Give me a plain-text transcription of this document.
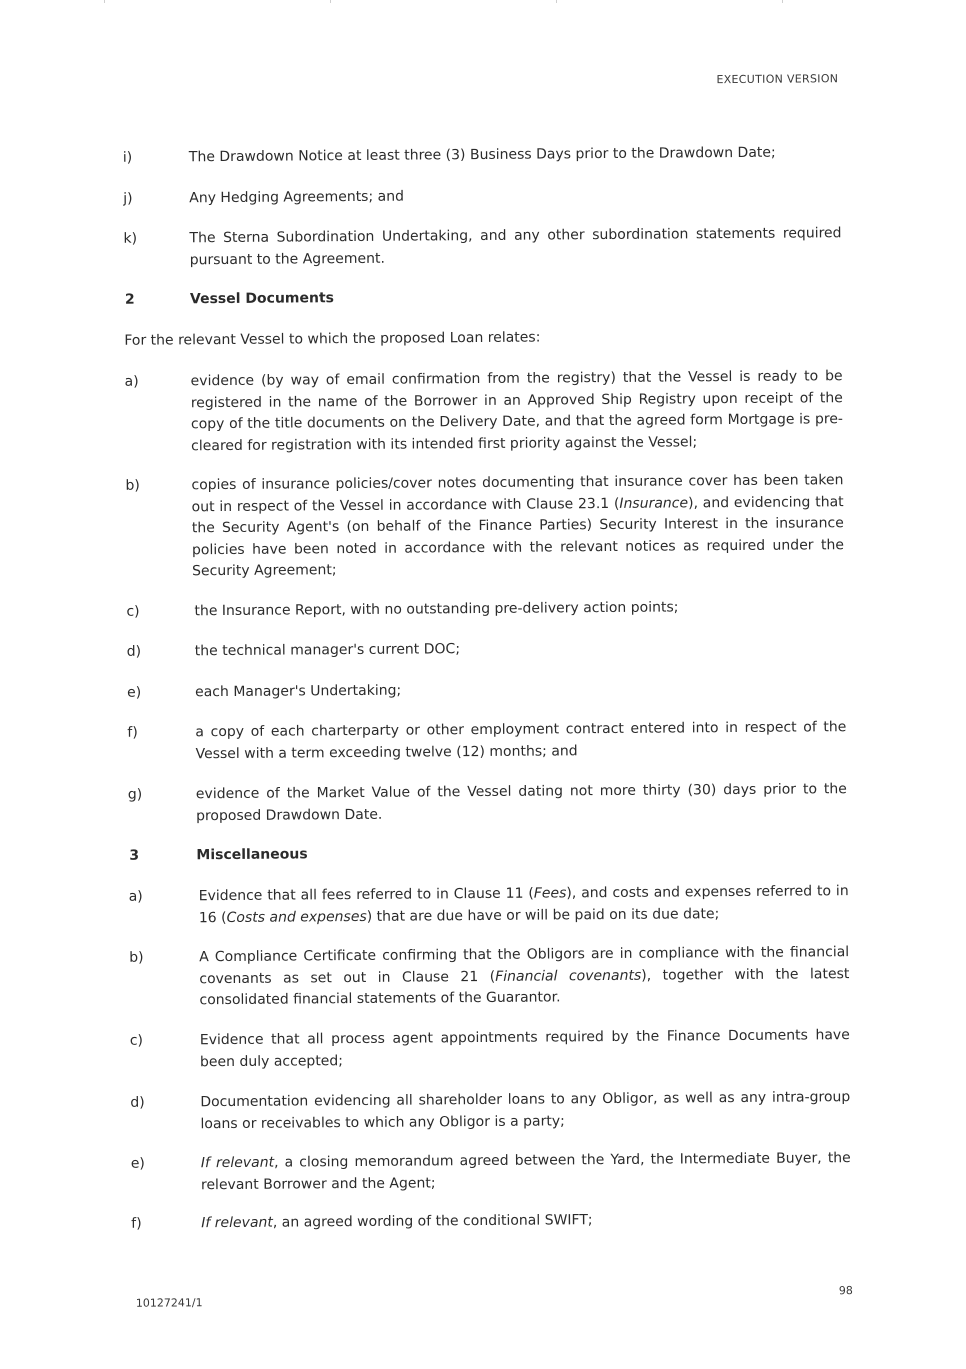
EXECUTION VERSION
i)	The Drawdown Notice at least three (3) Business Days prior to the Drawdown Date;
j)	Any Hedging Agreements; and
k)	The Sterna Subordination Undertaking, and any other subordination statements required pursuant to the Agreement.
2	Vessel Documents
For the relevant Vessel to which the proposed Loan relates:
a)	evidence (by way of email confirmation from the registry) that the Vessel is ready to be registered in the name of the Borrower in an Approved Ship Registry upon receipt of the copy of the title documents on the Delivery Date, and that the agreed form Mortgage is pre-cleared for registration with its intended first priority against the Vessel;
b)	copies of insurance policies/cover notes documenting that insurance cover has been taken out in respect of the Vessel in accordance with Clause 23.1 (Insurance), and evidencing that the Security Agent's (on behalf of the Finance Parties) Security Interest in the insurance policies have been noted in accordance with the relevant notices as required under the Security Agreement;
c)	the Insurance Report, with no outstanding pre-delivery action points;
d)	the technical manager's current DOC;
e)	each Manager's Undertaking;
f)	a copy of each charterparty or other employment contract entered into in respect of the Vessel with a term exceeding twelve (12) months; and
g)	evidence of the Market Value of the Vessel dating not more thirty (30) days prior to the proposed Drawdown Date.
3	Miscellaneous
a)	Evidence that all fees referred to in Clause 11 (Fees), and costs and expenses referred to in 16 (Costs and expenses) that are due have or will be paid on its due date;
b)	A Compliance Certificate confirming that the Obligors are in compliance with the financial covenants as set out in Clause 21 (Financial covenants), together with the latest consolidated financial statements of the Guarantor.
c)	Evidence that all process agent appointments required by the Finance Documents have been duly accepted;
d)	Documentation evidencing all shareholder loans to any Obligor, as well as any intra-group loans or receivables to which any Obligor is a party;
e)	If relevant, a closing memorandum agreed between the Yard, the Intermediate Buyer, the relevant Borrower and the Agent;
f)	If relevant, an agreed wording of the conditional SWIFT;
10127241/1
98
